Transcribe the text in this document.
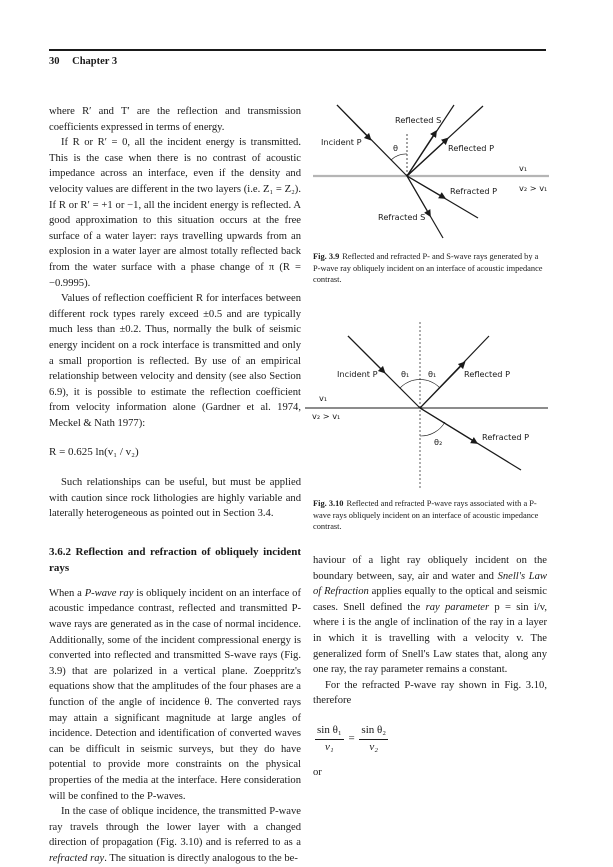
30 Chapter 3

where R′ and T′ are the reflection and transmission coefficients expressed in terms of energy.

If R or R′ = 0, all the incident energy is transmitted. This is the case when there is no contrast of acoustic impedance across an interface, even if the density and velocity values are different in the two layers (i.e. Z₁ = Z₂). If R or R′ = +1 or −1, all the incident energy is reflected. A good approximation to this situation occurs at the free surface of a water layer: rays travelling upwards from an explosion in a water layer are almost totally reflected back from the water surface with a phase change of π (R = −0.9995).

Values of reflection coefficient R for interfaces between different rock types rarely exceed ±0.5 and are typically much less than ±0.2. Thus, normally the bulk of seismic energy incident on a rock interface is transmitted and only a small proportion is reflected. By use of an empirical relationship between velocity and density (see also Section 6.9), it is possible to estimate the reflection coefficient from velocity information alone (Gardner et al. 1974, Meckel & Nath 1977):

R = 0.625 ln(v₁ / v₂)

Such relationships can be useful, but must be applied with caution since rock lithologies are highly variable and laterally heterogeneous as pointed out in Section 3.4.

3.6.2 Reflection and refraction of obliquely incident rays

When a P-wave ray is obliquely incident on an interface of acoustic impedance contrast, reflected and transmitted P-wave rays are generated as in the case of normal incidence. Additionally, some of the incident compressional energy is converted into reflected and transmitted S-wave rays (Fig. 3.9) that are polarized in a vertical plane. Zoeppritz's equations show that the amplitudes of the four phases are a function of the angle of incidence θ. The converted rays may attain a significant magnitude at large angles of incidence. Detection and identification of converted waves can be difficult in seismic surveys, but they do have potential to provide more constraints on the physical properties of the media at the interface. Here consideration will be confined to the P-waves.

In the case of oblique incidence, the transmitted P-wave ray travels through the lower layer with a changed direction of propagation (Fig. 3.10) and is referred to as a refracted ray. The situation is directly analogous to the be-

Incident P
Reflected S
Reflected P
Refracted P
Refracted S
θ
v₁
v₂ > v₁
Fig. 3.9 Reflected and refracted P- and S-wave rays generated by a P-wave ray obliquely incident on an interface of acoustic impedance contrast.
Incident P	θ₁ θ₁	Reflected P
v₁
v₂ > v₁
θ₂	Refracted P
Fig. 3.10 Reflected and refracted P-wave rays associated with a P-wave rays obliquely incident on an interface of acoustic impedance contrast.

haviour of a light ray obliquely incident on the boundary between, say, air and water and Snell's Law of Refraction applies equally to the optical and seismic cases. Snell defined the ray parameter p = sin i/v, where i is the angle of inclination of the ray in a layer in which it is travelling with a velocity v. The generalized form of Snell's Law states that, along any one ray, the ray parameter remains a constant.

For the refracted P-wave ray shown in Fig. 3.10, therefore

$\frac{\text{sin θ₁}}{\text{v₁}} = \frac{\text{sin θ₂}}{\text{v₂}}$

or
